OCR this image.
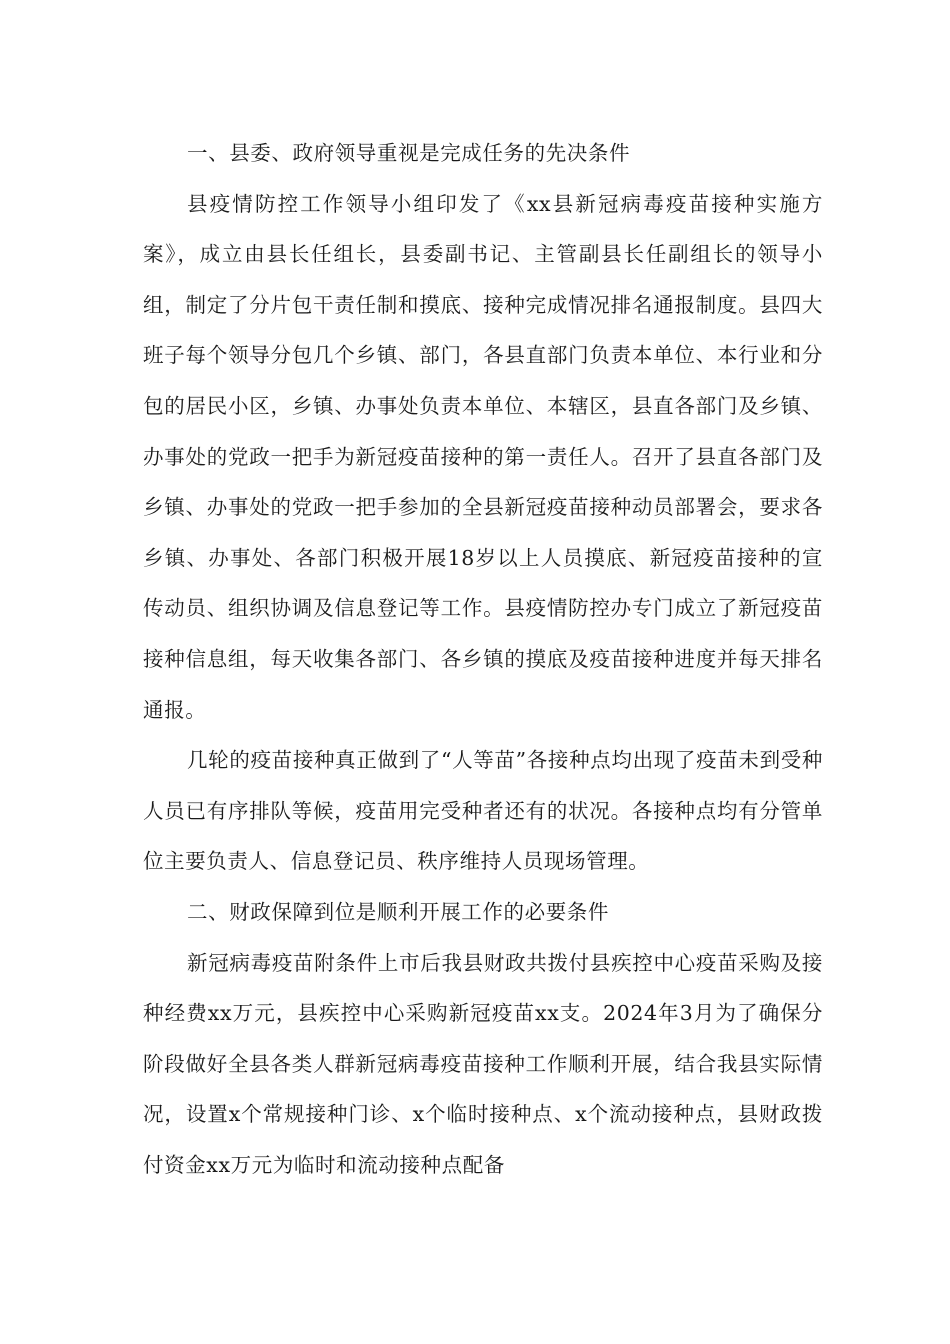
一、县委、政府领导重视是完成任务的先决条件

县疫情防控工作领导小组印发了《xx县新冠病毒疫苗接种实施方案》，成立由县长任组长，县委副书记、主管副县长任副组长的领导小组，制定了分片包干责任制和摸底、接种完成情况排名通报制度。县四大班子每个领导分包几个乡镇、部门，各县直部门负责本单位、本行业和分包的居民小区，乡镇、办事处负责本单位、本辖区，县直各部门及乡镇、办事处的党政一把手为新冠疫苗接种的第一责任人。召开了县直各部门及乡镇、办事处的党政一把手参加的全县新冠疫苗接种动员部署会，要求各乡镇、办事处、各部门积极开展18岁以上人员摸底、新冠疫苗接种的宣传动员、组织协调及信息登记等工作。县疫情防控办专门成立了新冠疫苗接种信息组，每天收集各部门、各乡镇的摸底及疫苗接种进度并每天排名通报。

几轮的疫苗接种真正做到了“人等苗”各接种点均出现了疫苗未到受种人员已有序排队等候，疫苗用完受种者还有的状况。各接种点均有分管单位主要负责人、信息登记员、秩序维持人员现场管理。

二、财政保障到位是顺利开展工作的必要条件

新冠病毒疫苗附条件上市后我县财政共拨付县疾控中心疫苗采购及接种经费xx万元，县疾控中心采购新冠疫苗xx支。2024年3月为了确保分阶段做好全县各类人群新冠病毒疫苗接种工作顺利开展，结合我县实际情况，设置x个常规接种门诊、x个临时接种点、x个流动接种点，县财政拨付资金xx万元为临时和流动接种点配备
